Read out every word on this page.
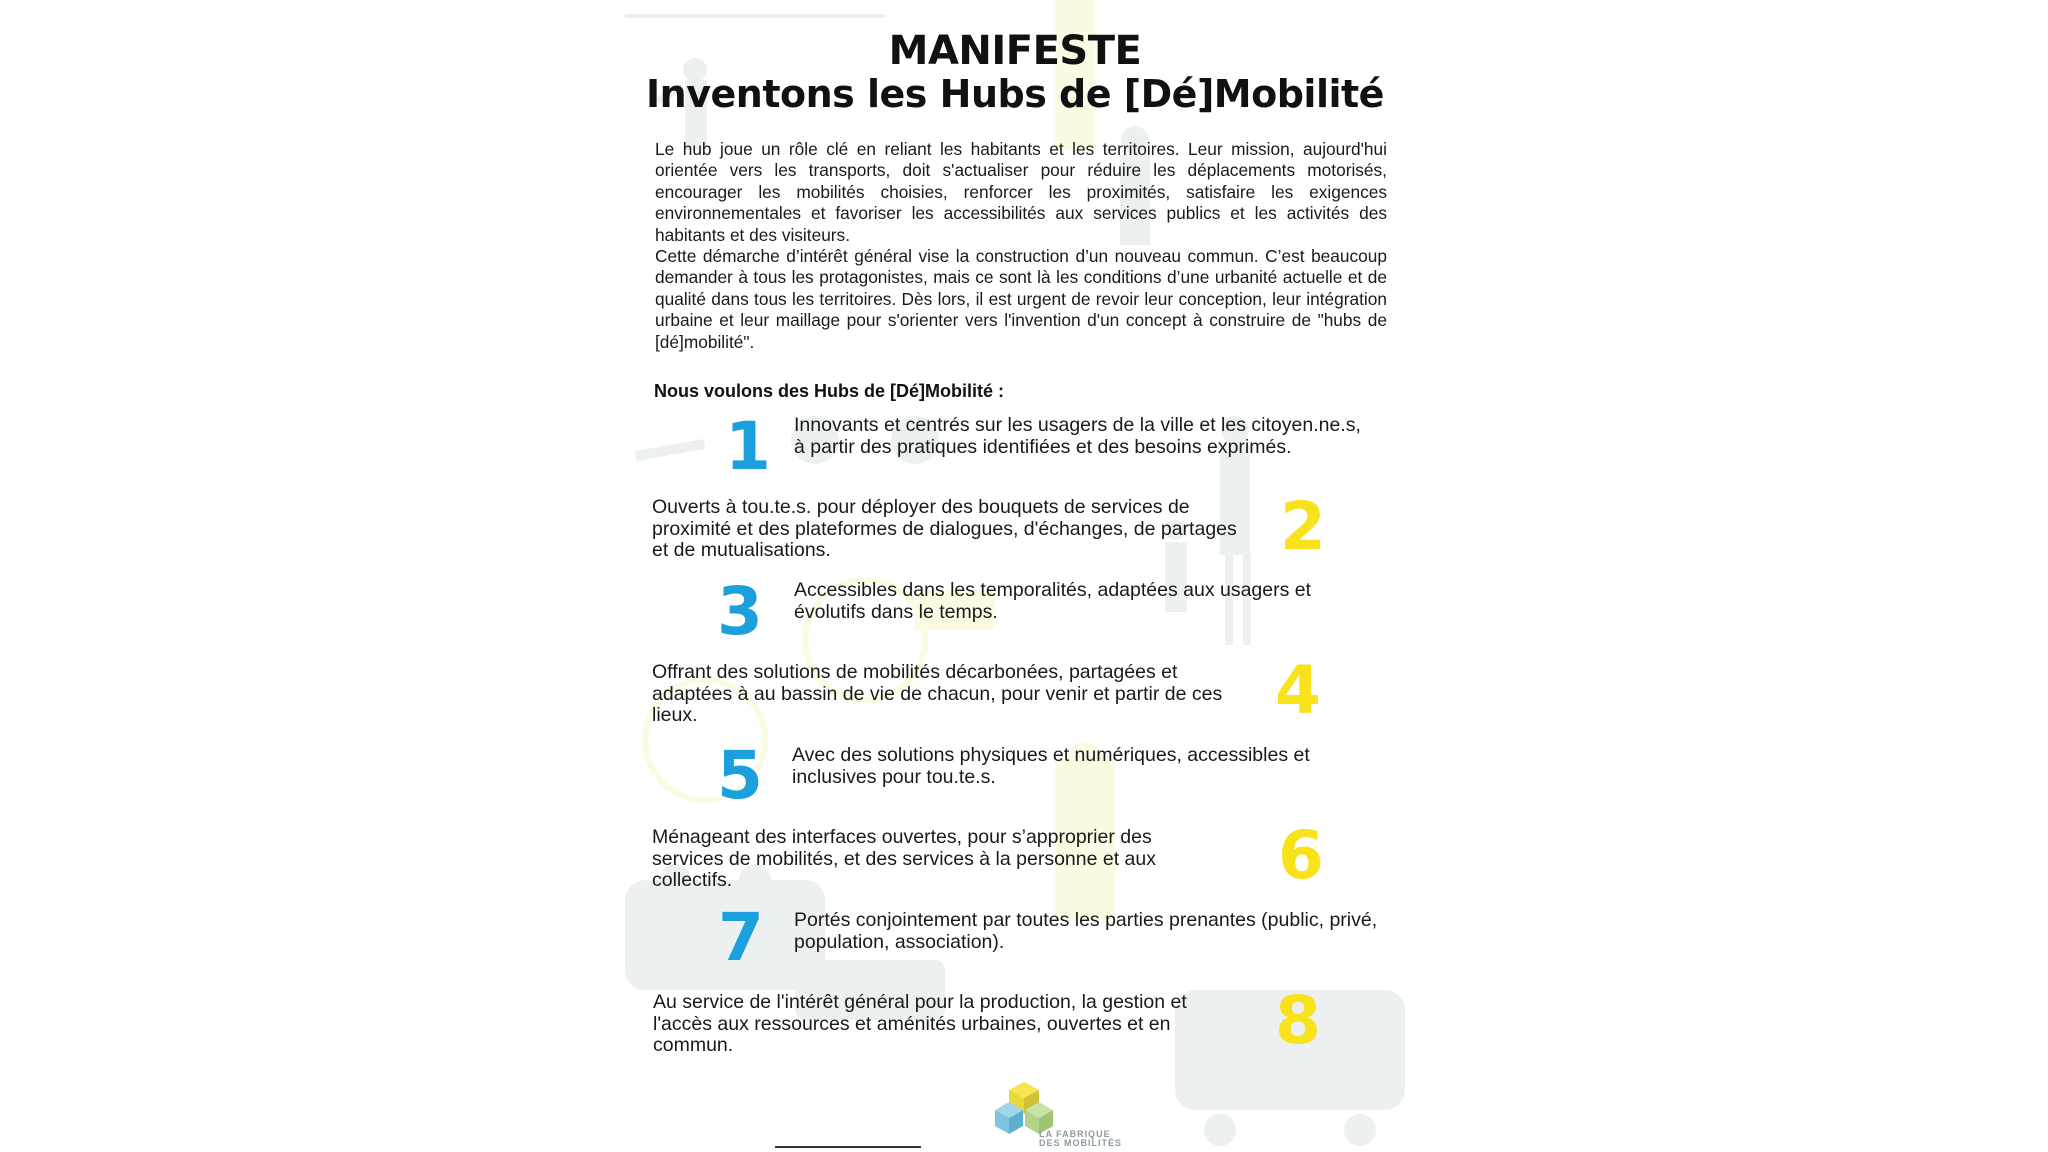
MANIFESTE
Inventons les Hubs de [Dé]Mobilité

Le hub joue un rôle clé en reliant les habitants et les territoires. Leur mission, aujourd'hui orientée vers les transports, doit s'actualiser pour réduire les déplacements motorisés, encourager les mobilités choisies, renforcer les proximités, satisfaire les exigences environnementales et favoriser les accessibilités aux services publics et les activités des habitants et des visiteurs.

Cette démarche d’intérêt général vise la construction d’un nouveau commun. C’est beaucoup demander à tous les protagonistes, mais ce sont là les conditions d’une urbanité actuelle et de qualité dans tous les territoires. Dès lors, il est urgent de revoir leur conception, leur intégration urbaine et leur maillage pour s'orienter vers l'invention d'un concept à construire de "hubs de [dé]mobilité".

Nous voulons des Hubs de [Dé]Mobilité :
1 Innovants et centrés sur les usagers de la ville et les citoyen.ne.s, à partir des pratiques identifiées et des besoins exprimés.
Ouverts à tou.te.s. pour déployer des bouquets de services de proximité et des plateformes de dialogues, d'échanges, de partages et de mutualisations.	2
3 Accessibles dans les temporalités, adaptées aux usagers et évolutifs dans le temps.
Offrant des solutions de mobilités décarbonées, partagées et adaptées à au bassin de vie de chacun, pour venir et partir de ces lieux.	4
5 Avec des solutions physiques et numériques, accessibles et inclusives pour tou.te.s.
Ménageant des interfaces ouvertes, pour s’approprier des services de mobilités, et des services à la personne et aux collectifs.	6
7 Portés conjointement par toutes les parties prenantes (public, privé, population, association).
Au service de l'intérêt général pour la production, la gestion et l'accès aux ressources et aménités urbaines, ouvertes et en commun.	8
LA FABRIQUE
DES MOBILITÉS
